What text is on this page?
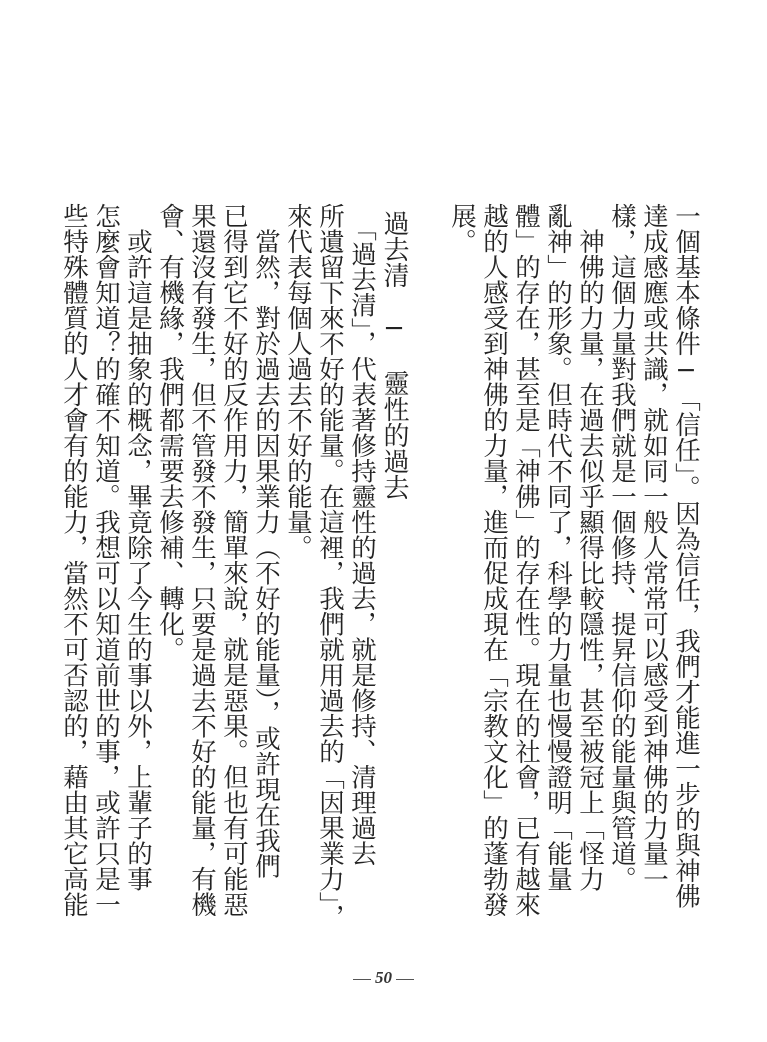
一個基本條件─「信任」。因為信任，我們才能進一步的與神佛
達成感應或共識，就如同一般人常常可以感受到神佛的力量一
樣，這個力量對我們就是一個修持、提昇信仰的能量與管道。
　神佛的力量，在過去似乎顯得比較隱性，甚至被冠上「怪力
亂神」的形象。但時代不同了，科學的力量也慢慢證明「能量
體」的存在，甚至是「神佛」的存在性。現在的社會，已有越來
越的人感受到神佛的力量，進而促成現在「宗教文化」的蓬勃發
展。
過去清　─　靈性的過去
　「過去清」，代表著修持靈性的過去，就是修持、清理過去
所遺留下來不好的能量。在這裡，我們就用過去的「因果業力」，
來代表每個人過去不好的能量。
　當然，對於過去的因果業力（不好的能量），或許現在我們
已得到它不好的反作用力，簡單來說，就是惡果。但也有可能惡
果還沒有發生，但不管發不發生，只要是過去不好的能量，有機
會、有機緣，我們都需要去修補、轉化。
　或許這是抽象的概念，畢竟除了今生的事以外，上輩子的事
怎麼會知道？的確不知道。我想可以知道前世的事，或許只是一
些特殊體質的人才會有的能力，當然不可否認的，藉由其它高能
50
